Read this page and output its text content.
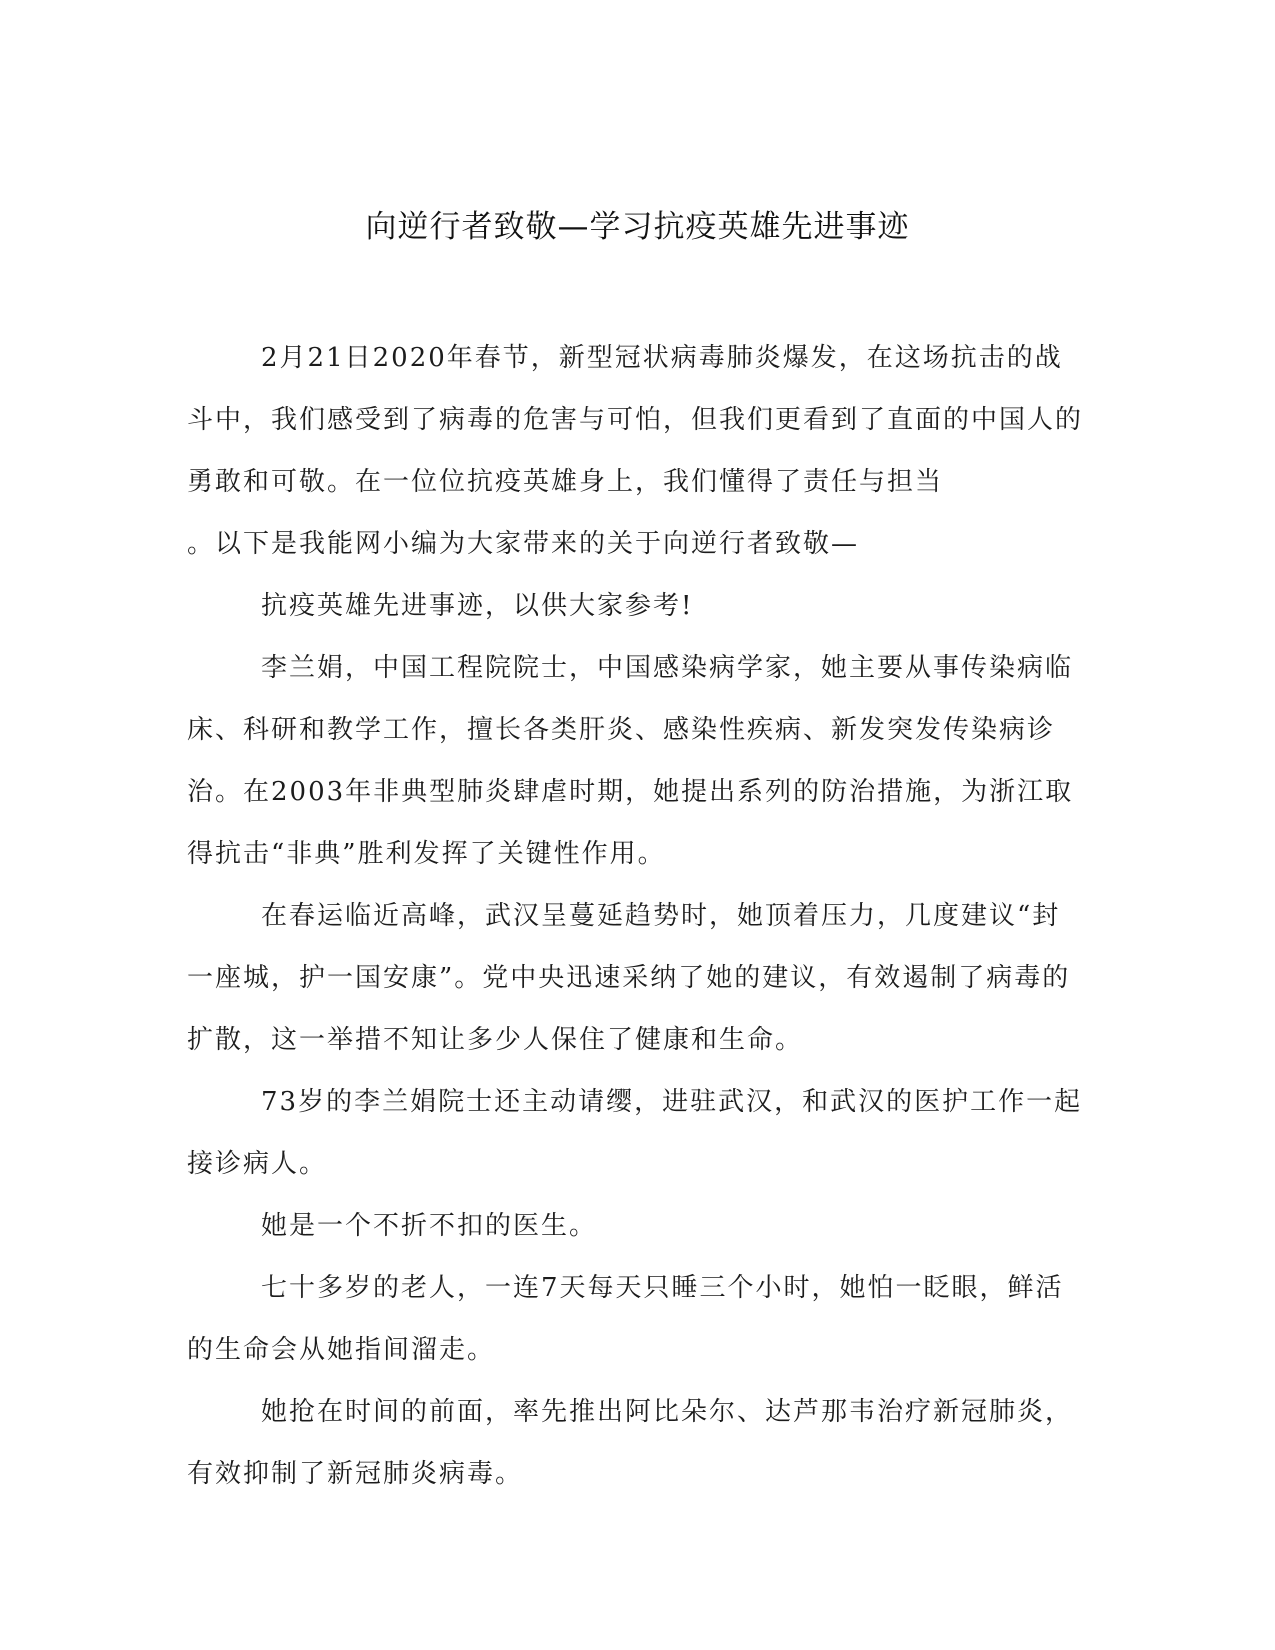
向逆行者致敬—学习抗疫英雄先进事迹

2月21日2020年春节，新型冠状病毒肺炎爆发，在这场抗击的战斗中，我们感受到了病毒的危害与可怕，但我们更看到了直面的中国人的勇敢和可敬。在一位位抗疫英雄身上，我们懂得了责任与担当

。以下是我能网小编为大家带来的关于向逆行者致敬—

抗疫英雄先进事迹，以供大家参考!

李兰娟，中国工程院院士，中国感染病学家，她主要从事传染病临床、科研和教学工作，擅长各类肝炎、感染性疾病、新发突发传染病诊治。在2003年非典型肺炎肆虐时期，她提出系列的防治措施，为浙江取得抗击“非典”胜利发挥了关键性作用。

在春运临近高峰，武汉呈蔓延趋势时，她顶着压力，几度建议“封一座城，护一国安康”。党中央迅速采纳了她的建议，有效遏制了病毒的扩散，这一举措不知让多少人保住了健康和生命。

73岁的李兰娟院士还主动请缨，进驻武汉，和武汉的医护工作一起接诊病人。

她是一个不折不扣的医生。

七十多岁的老人，一连7天每天只睡三个小时，她怕一眨眼，鲜活的生命会从她指间溜走。

她抢在时间的前面，率先推出阿比朵尔、达芦那韦治疗新冠肺炎，有效抑制了新冠肺炎病毒。
